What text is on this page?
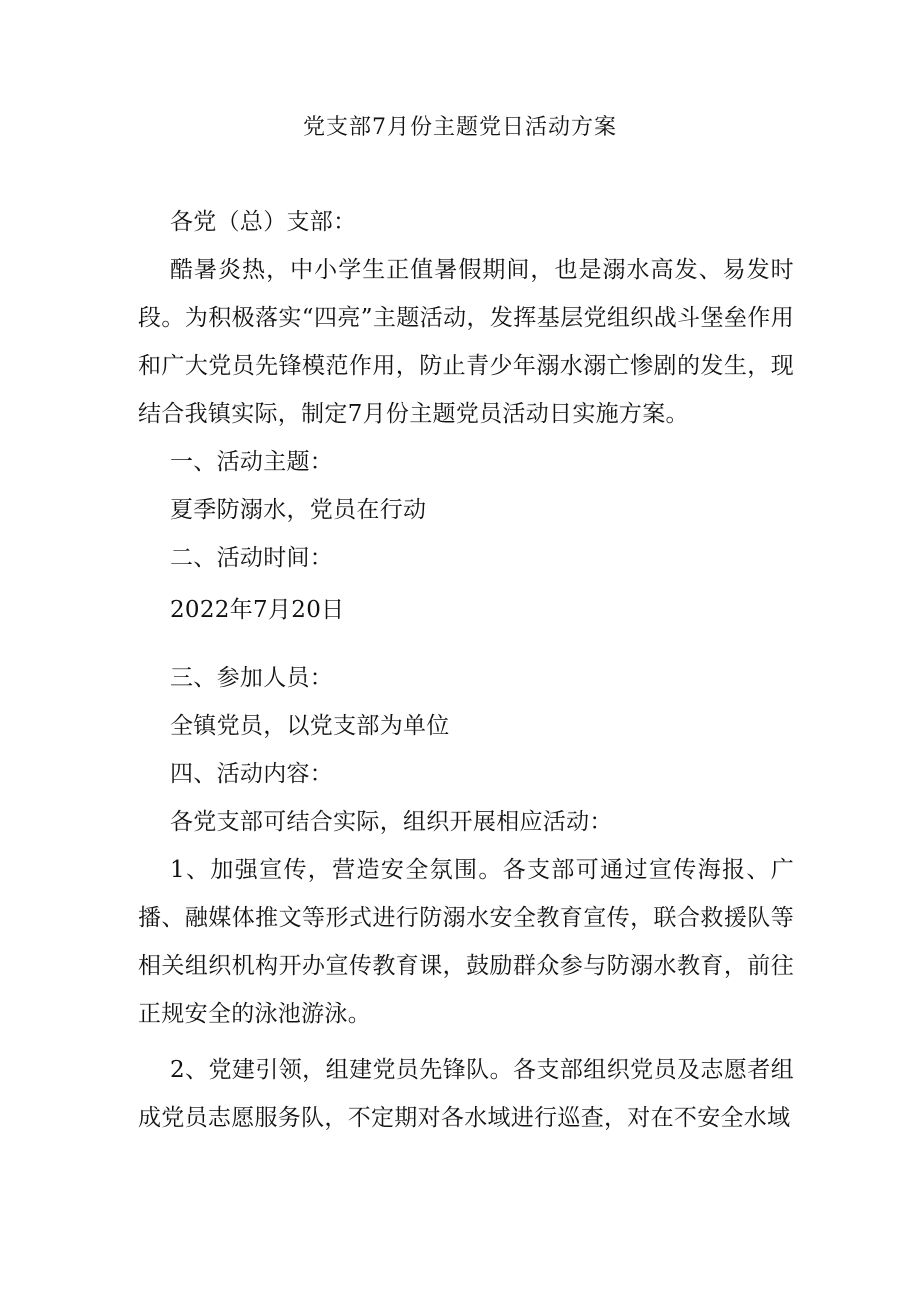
党支部7月份主题党日活动方案
各党（总）支部：
酷暑炎热，中小学生正值暑假期间，也是溺水高发、易发时段。为积极落实“四亮”主题活动，发挥基层党组织战斗堡垒作用和广大党员先锋模范作用，防止青少年溺水溺亡惨剧的发生，现结合我镇实际，制定7月份主题党员活动日实施方案。
一、活动主题：
夏季防溺水，党员在行动
二、活动时间：
2022年7月20日
三、参加人员：
全镇党员，以党支部为单位
四、活动内容：
各党支部可结合实际，组织开展相应活动：
1、加强宣传，营造安全氛围。各支部可通过宣传海报、广播、融媒体推文等形式进行防溺水安全教育宣传，联合救援队等相关组织机构开办宣传教育课，鼓励群众参与防溺水教育，前往正规安全的泳池游泳。
2、党建引领，组建党员先锋队。各支部组织党员及志愿者组成党员志愿服务队，不定期对各水域进行巡查，对在不安全水域
